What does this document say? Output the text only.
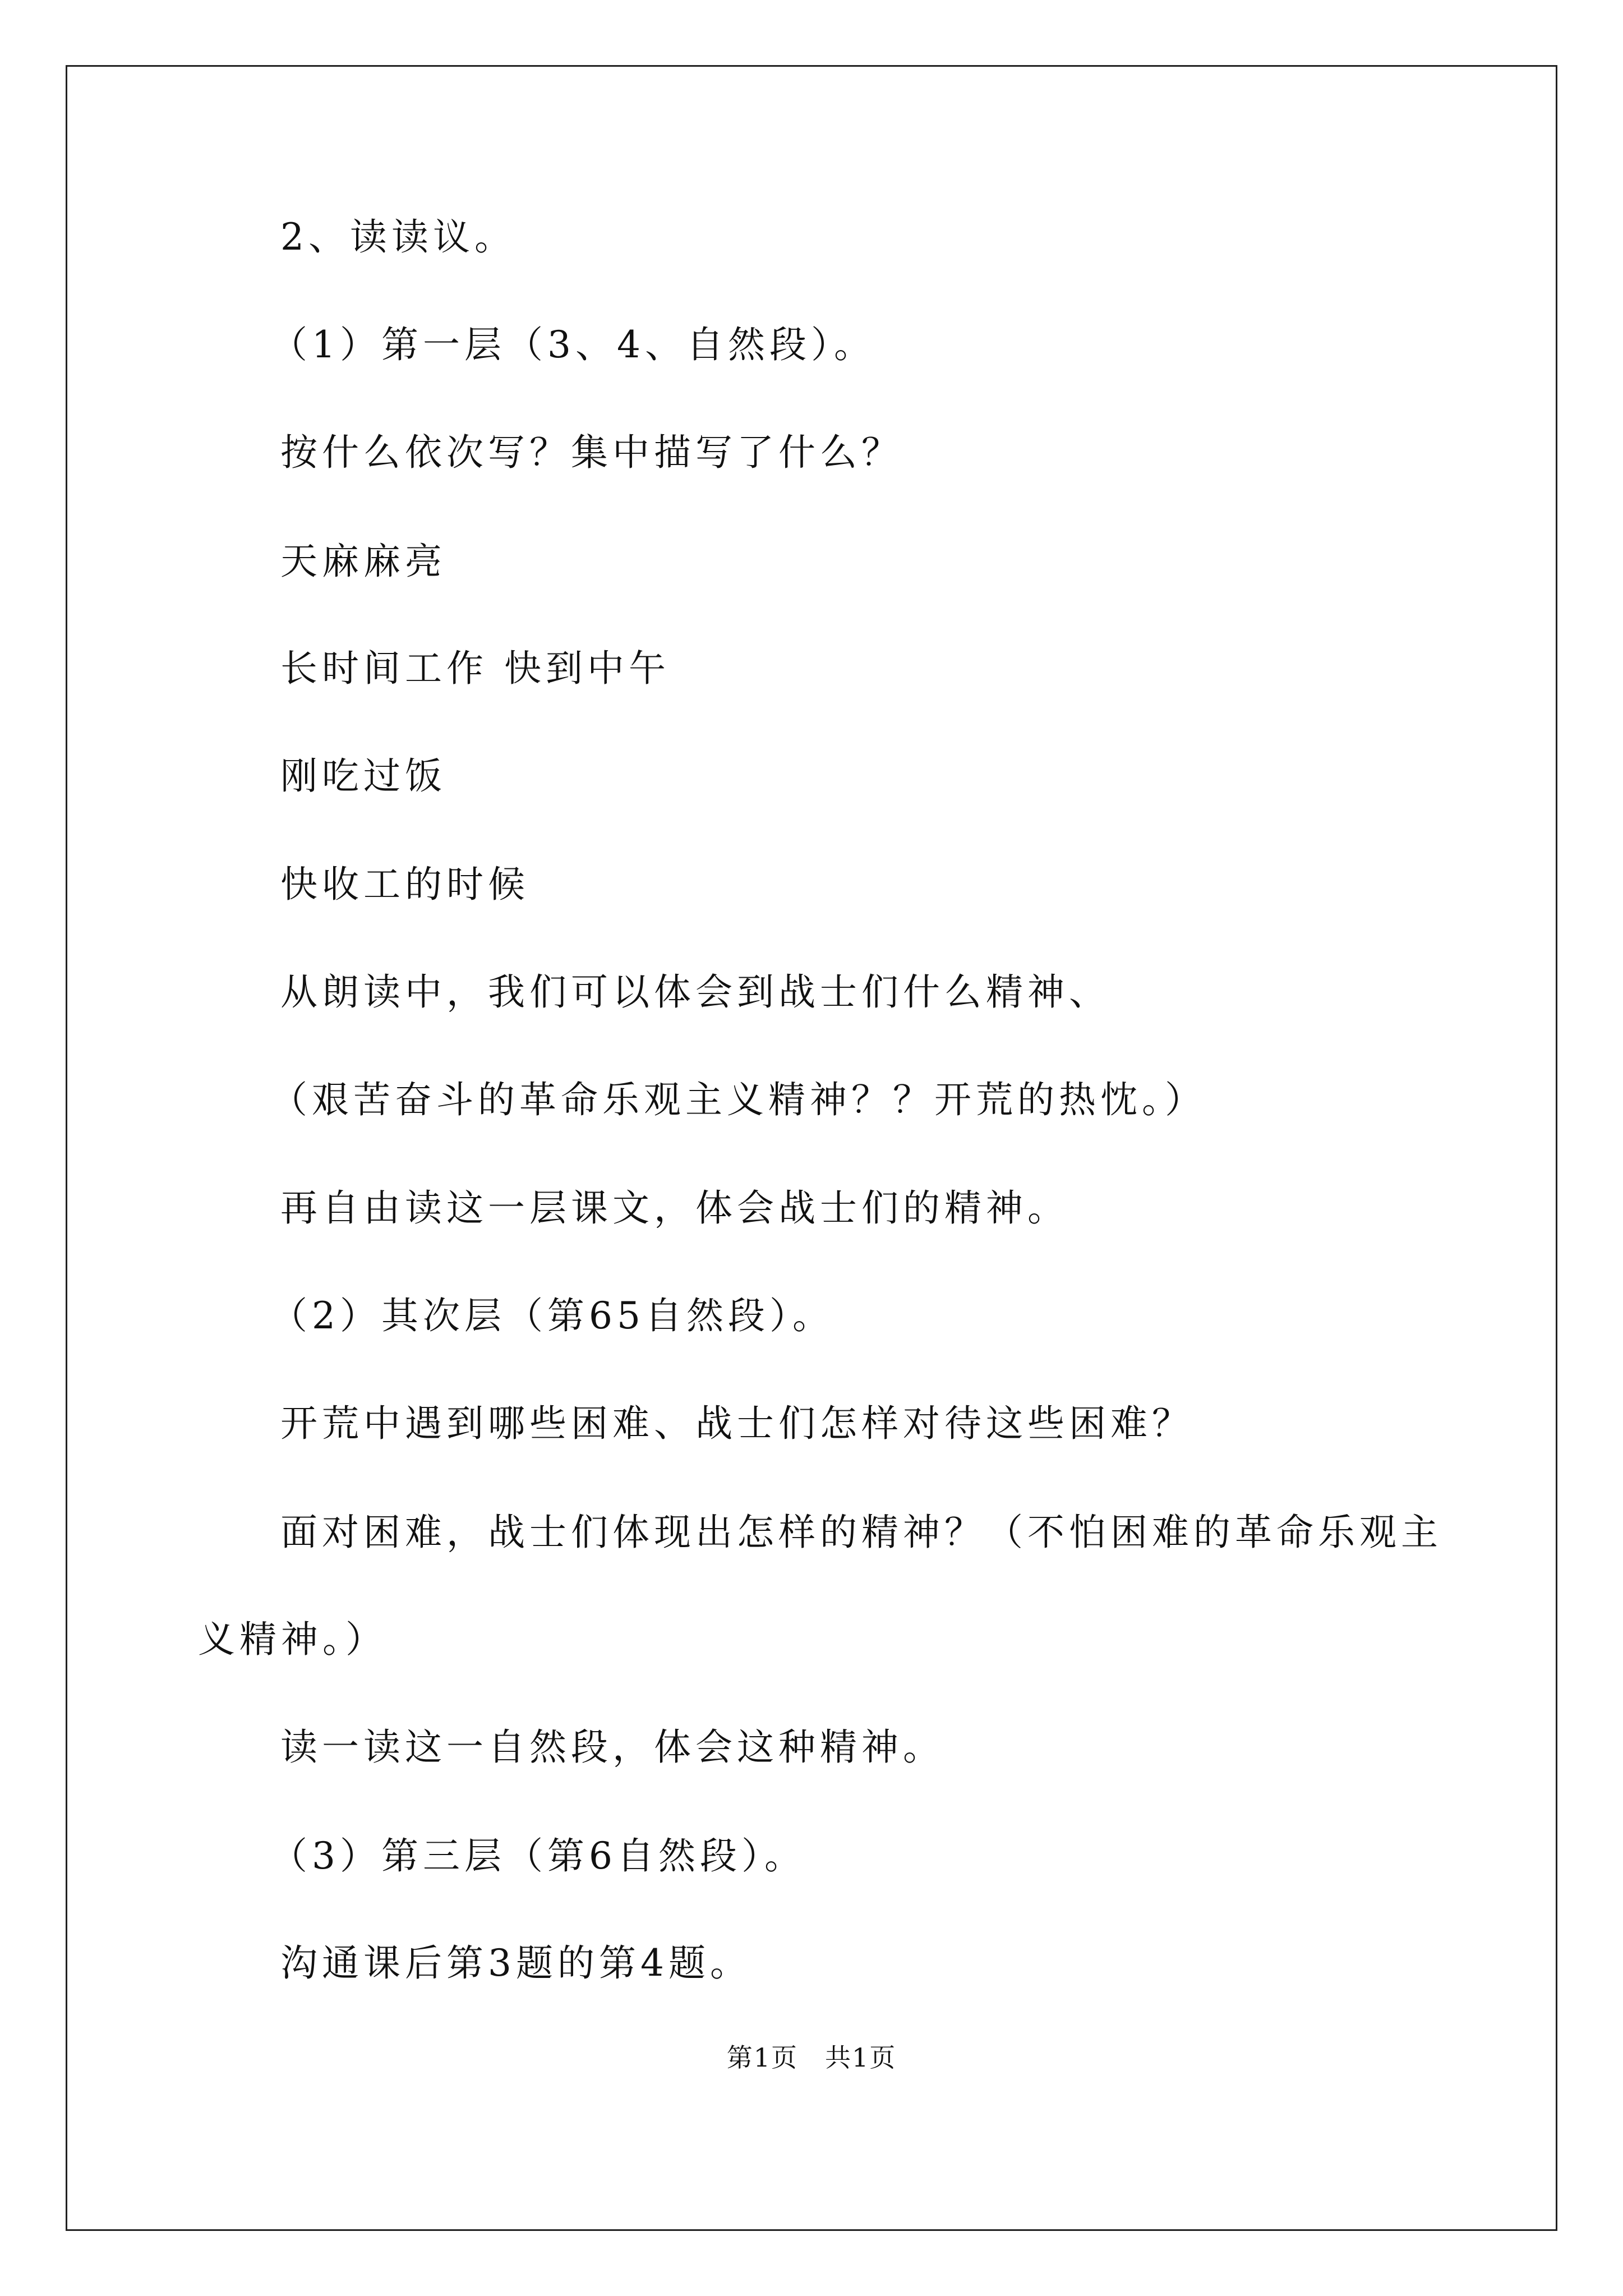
2、读读议。
（1）第一层（3、4、自然段）。
按什么依次写？集中描写了什么？
天麻麻亮
长时间工作 快到中午
刚吃过饭
快收工的时候
从朗读中，我们可以体会到战士们什么精神、
（艰苦奋斗的革命乐观主义精神？？开荒的热忱。）
再自由读这一层课文，体会战士们的精神。
（2）其次层（第65自然段）。
开荒中遇到哪些困难、战士们怎样对待这些困难？
面对困难，战士们体现出怎样的精神？（不怕困难的革命乐观主
义精神。）
读一读这一自然段，体会这种精神。
（3）第三层（第6自然段）。
沟通课后第3题的第4题。
第1页　共1页
